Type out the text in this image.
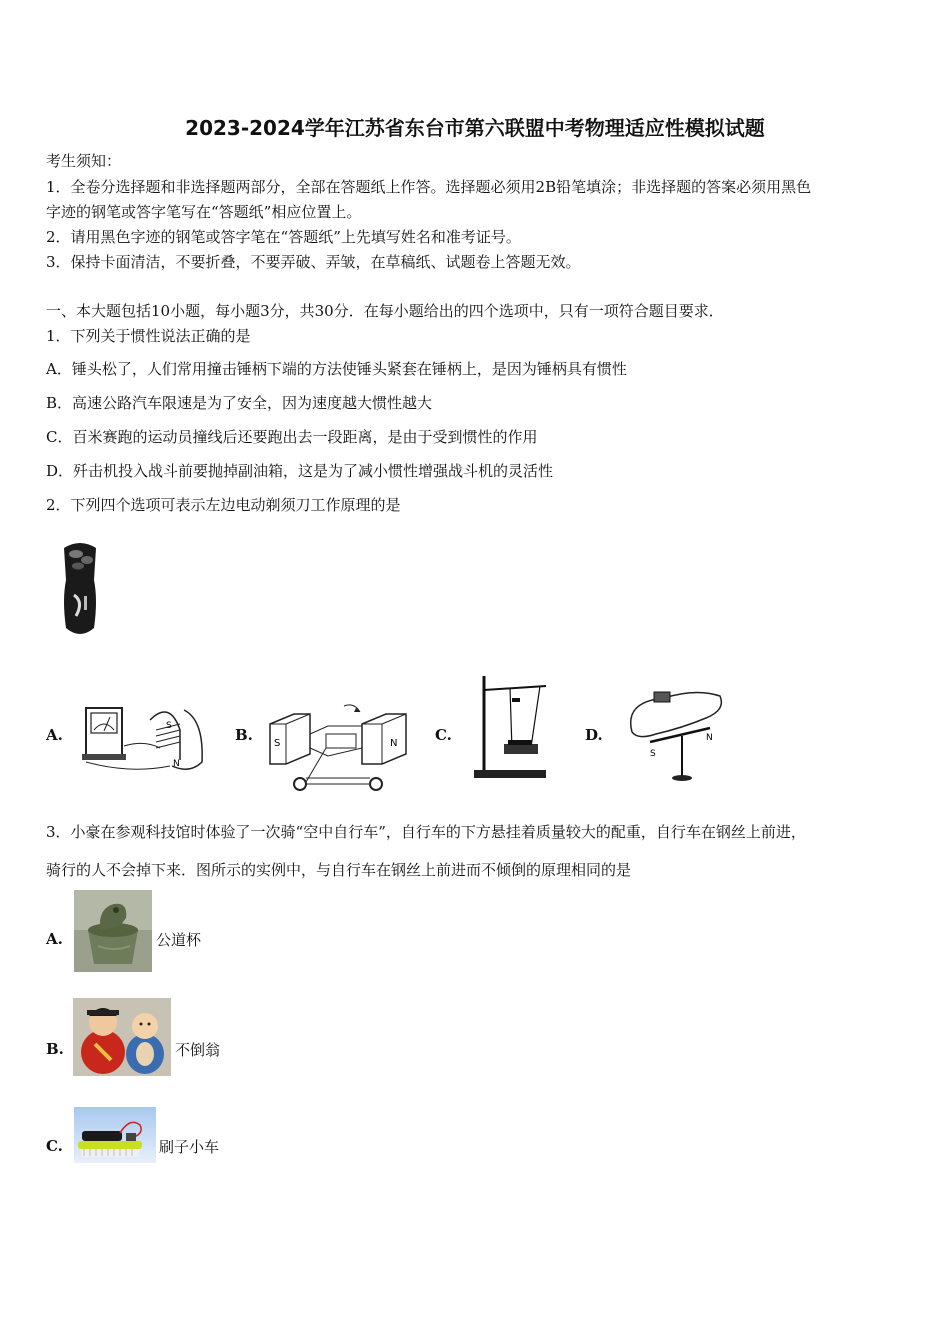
2023-2024学年江苏省东台市第六联盟中考物理适应性模拟试题
考生须知：
1．全卷分选择题和非选择题两部分，全部在答题纸上作答。选择题必须用2B铅笔填涂；非选择题的答案必须用黑色
字迹的钢笔或答字笔写在“答题纸”相应位置上。
2．请用黑色字迹的钢笔或答字笔在“答题纸”上先填写姓名和准考证号。
3．保持卡面清洁，不要折叠，不要弄破、弄皱，在草稿纸、试题卷上答题无效。
一、本大题包括10小题，每小题3分，共30分．在每小题给出的四个选项中，只有一项符合题目要求．
1．下列关于惯性说法正确的是
A．锤头松了，人们常用撞击锤柄下端的方法使锤头紧套在锤柄上，是因为锤柄具有惯性
B．高速公路汽车限速是为了安全，因为速度越大惯性越大
C．百米赛跑的运动员撞线后还要跑出去一段距离，是由于受到惯性的作用
D．歼击机投入战斗前要抛掉副油箱，这是为了减小惯性增强战斗机的灵活性
2．下列四个选项可表示左边电动剃须刀工作原理的是
A.	B.	C.	D.
S
N
S	N
S
N
3．小豪在参观科技馆时体验了一次骑“空中自行车”，自行车的下方悬挂着质量较大的配重，自行车在钢丝上前进，
骑行的人不会掉下来．图所示的实例中，与自行车在钢丝上前进而不倾倒的原理相同的是
A.	公道杯
B.	不倒翁
C.	刷子小车
